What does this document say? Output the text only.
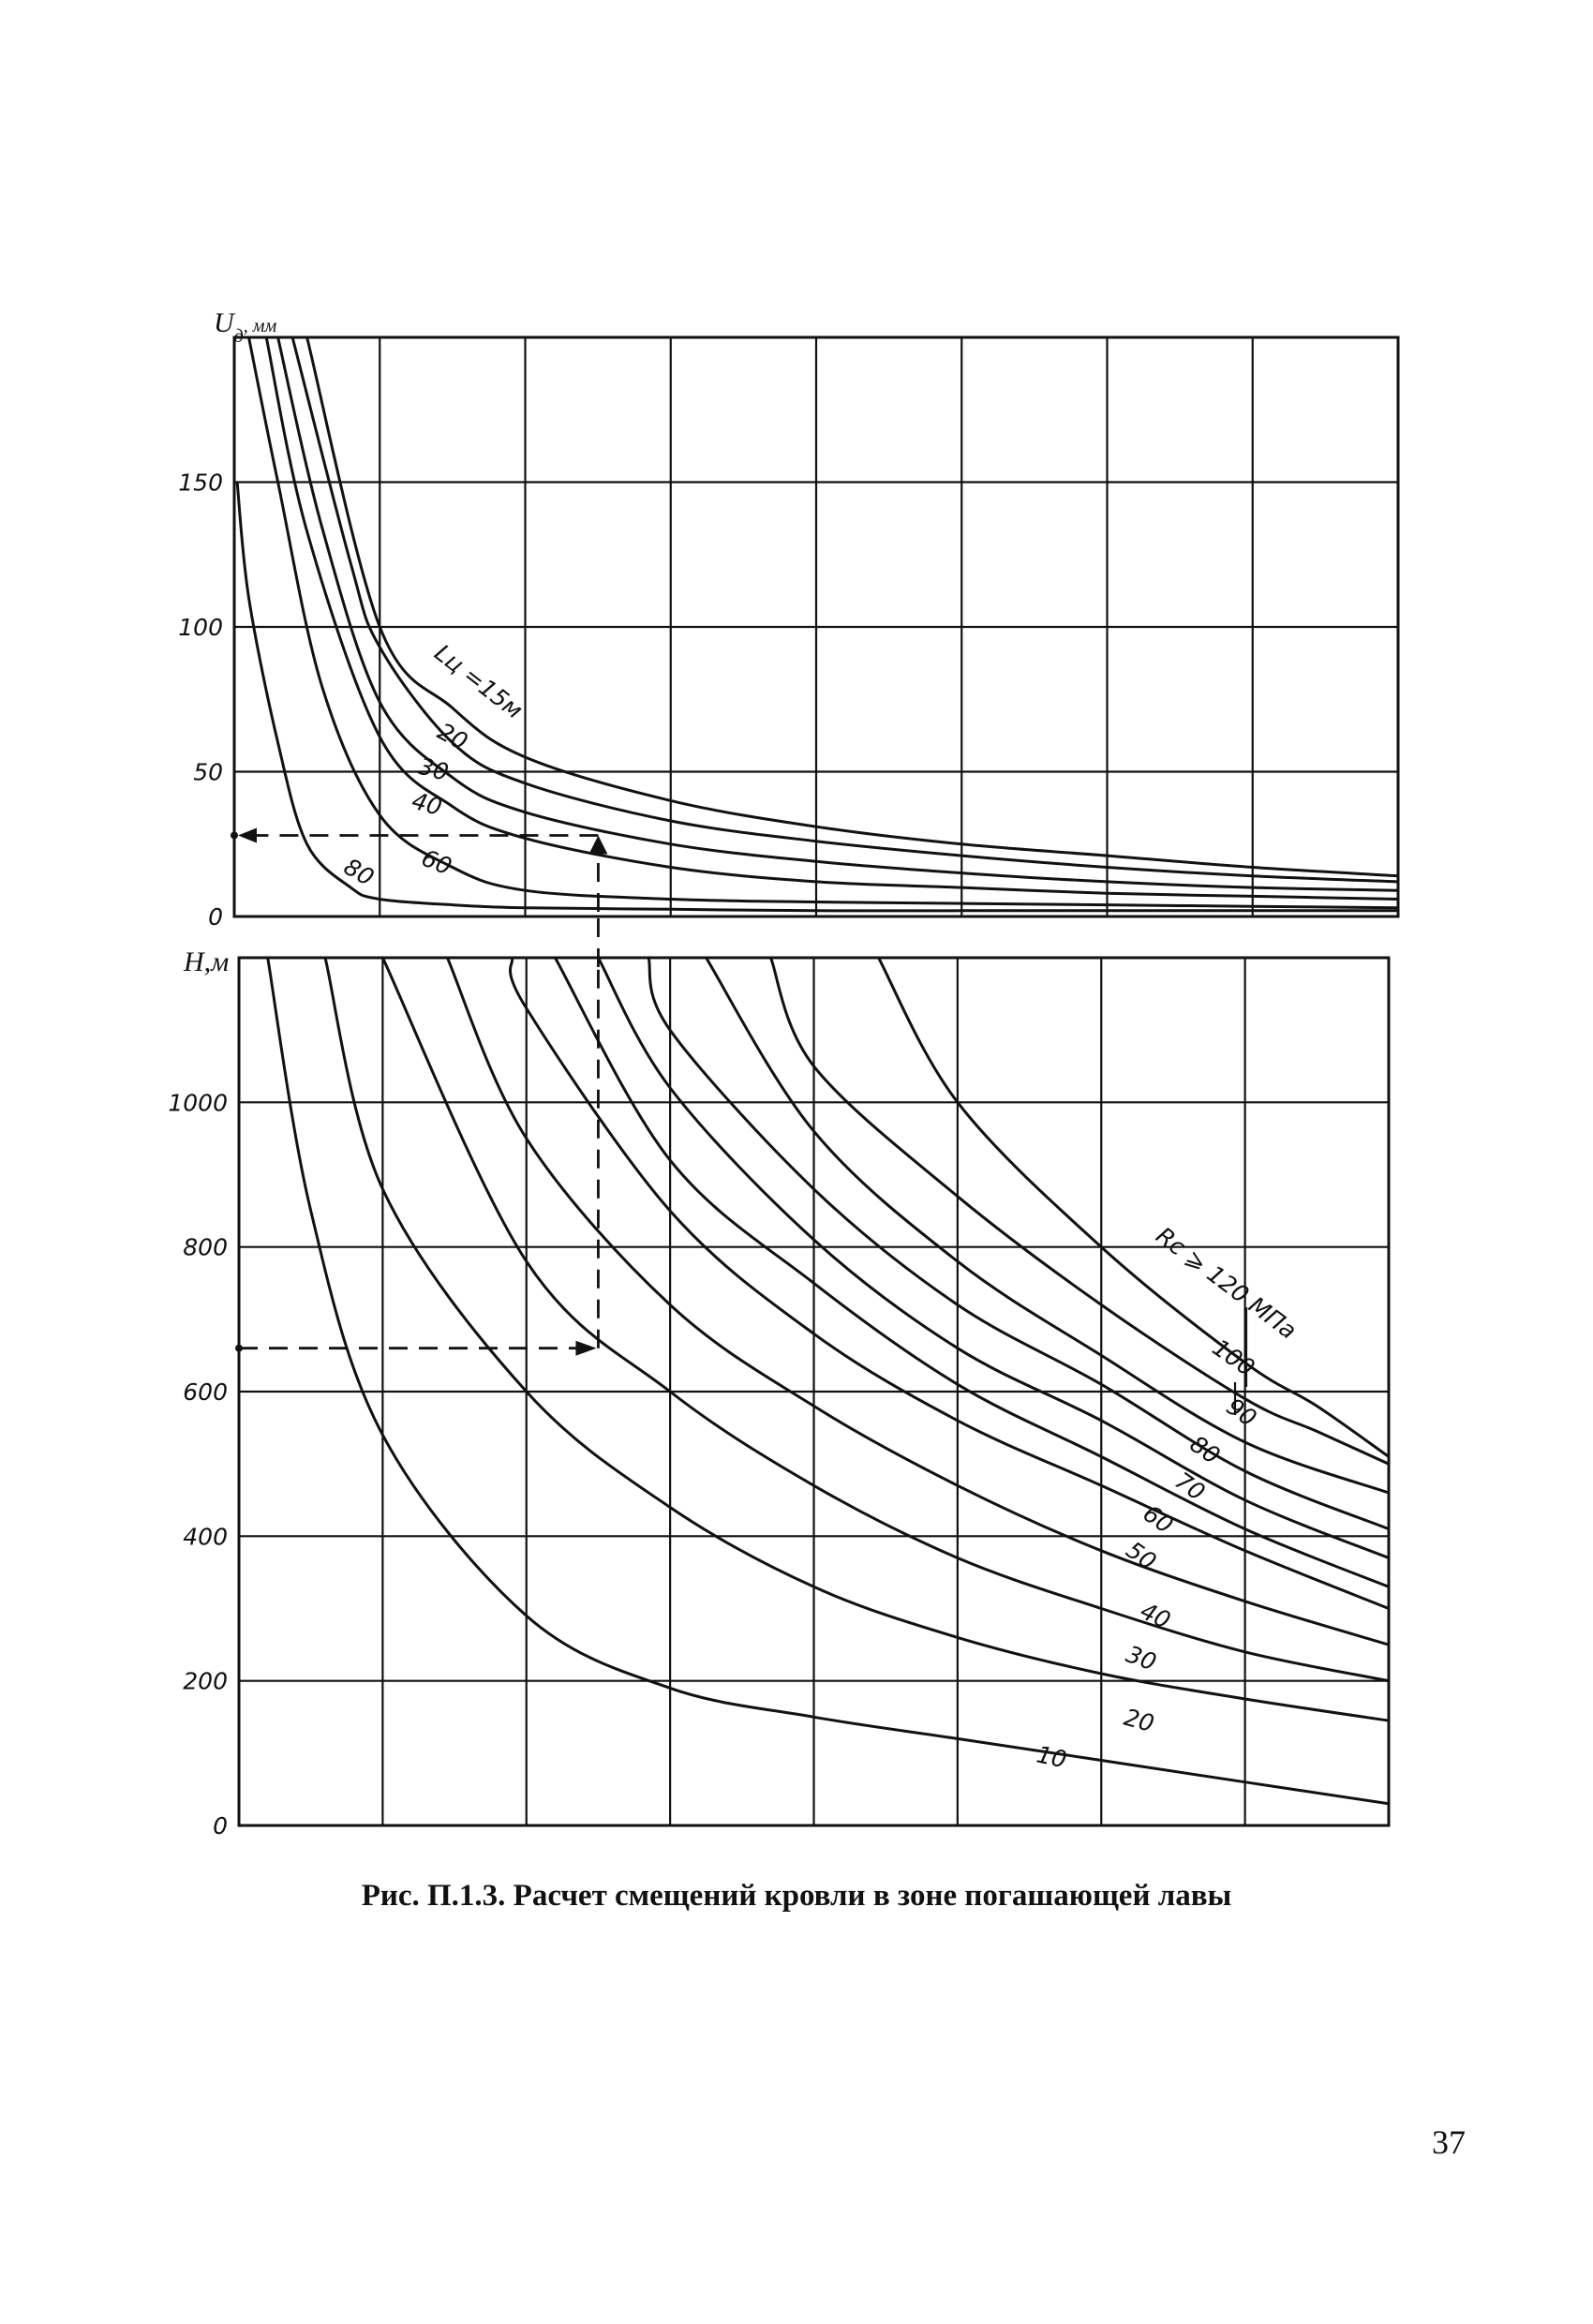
0
50
100
150
$U_д$, мм
Lц =15м
20
30
40
60
80
0
200
400
600
800
1000
H,м
Rc ⩾ 120 МПа
100
90
80
70
60
50
40
30
20
10
Рис. П.1.3. Расчет смещений кровли в зоне погашающей лавы
37
